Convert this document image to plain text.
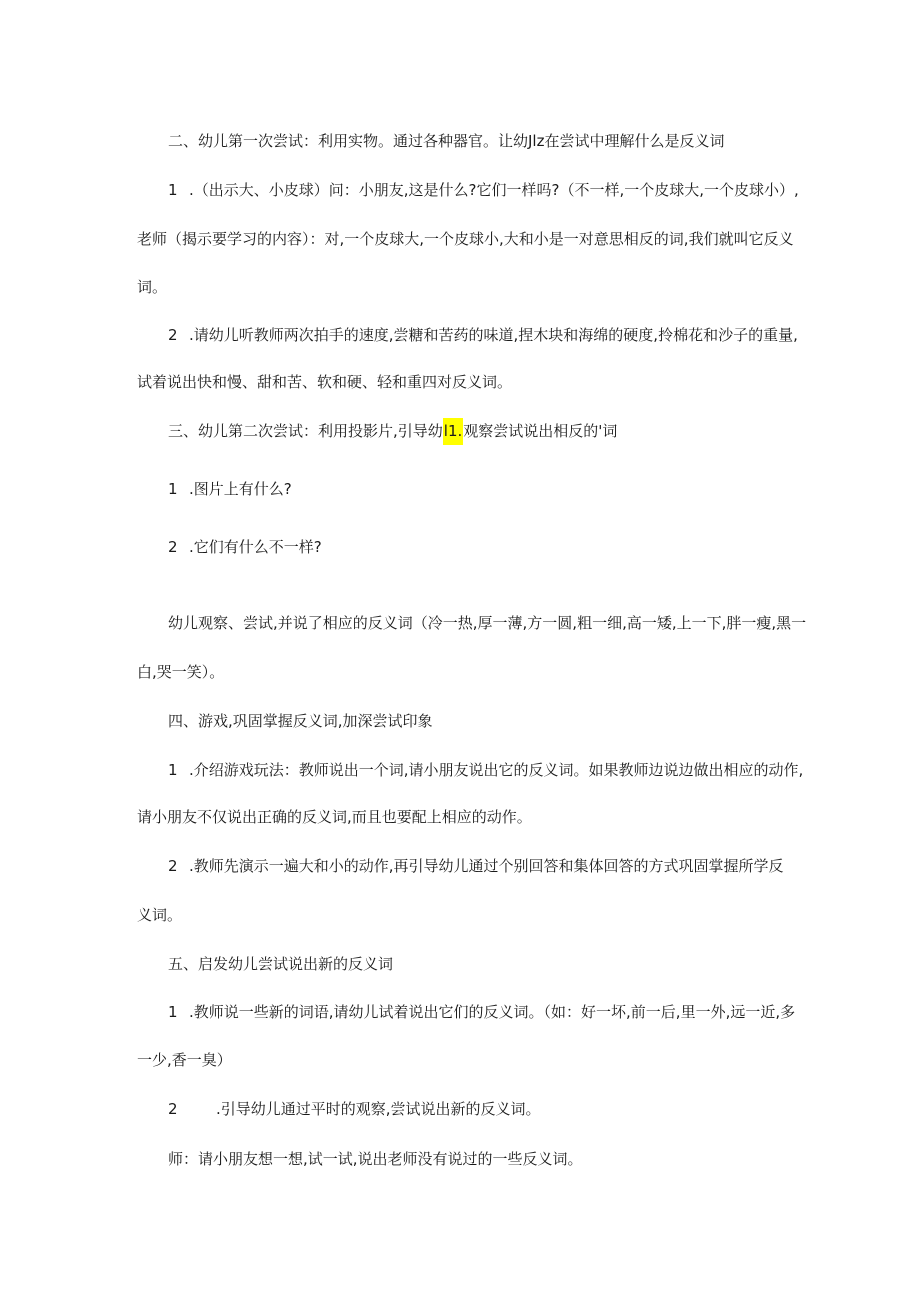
二、幼儿第一次尝试：利用实物。通过各种器官。让幼Jlz在尝试中理解什么是反义词
1 .（出示大、小皮球）问：小朋友,这是什么?它们一样吗?（不一样,一个皮球大,一个皮球小）,
老师（揭示要学习的内容）：对,一个皮球大,一个皮球小,大和小是一对意思相反的词,我们就叫它反义
词。
2 .请幼儿听教师两次拍手的速度,尝糖和苦药的味道,捏木块和海绵的硬度,拎棉花和沙子的重量,
试着说出快和慢、甜和苦、软和硬、轻和重四对反义词。
三、幼儿第二次尝试：利用投影片,引导幼l1.观察尝试说出相反的'词
1 .图片上有什么?
2 .它们有什么不一样?
幼儿观察、尝试,并说了相应的反义词（冷一热,厚一薄,方一圆,粗一细,高一矮,上一下,胖一瘦,黑一
白,哭一笑）。
四、游戏,巩固掌握反义词,加深尝试印象
1 .介绍游戏玩法：教师说出一个词,请小朋友说出它的反义词。如果教师边说边做出相应的动作,
请小朋友不仅说出正确的反义词,而且也要配上相应的动作。
2 .教师先演示一遍大和小的动作,再引导幼儿通过个别回答和集体回答的方式巩固掌握所学反
义词。
五、启发幼儿尝试说出新的反义词
1 .教师说一些新的词语,请幼儿试着说出它们的反义词。（如：好一坏,前一后,里一外,远一近,多
一少,香一臭）
2	.引导幼儿通过平时的观察,尝试说出新的反义词。
师：请小朋友想一想,试一试,说出老师没有说过的一些反义词。
